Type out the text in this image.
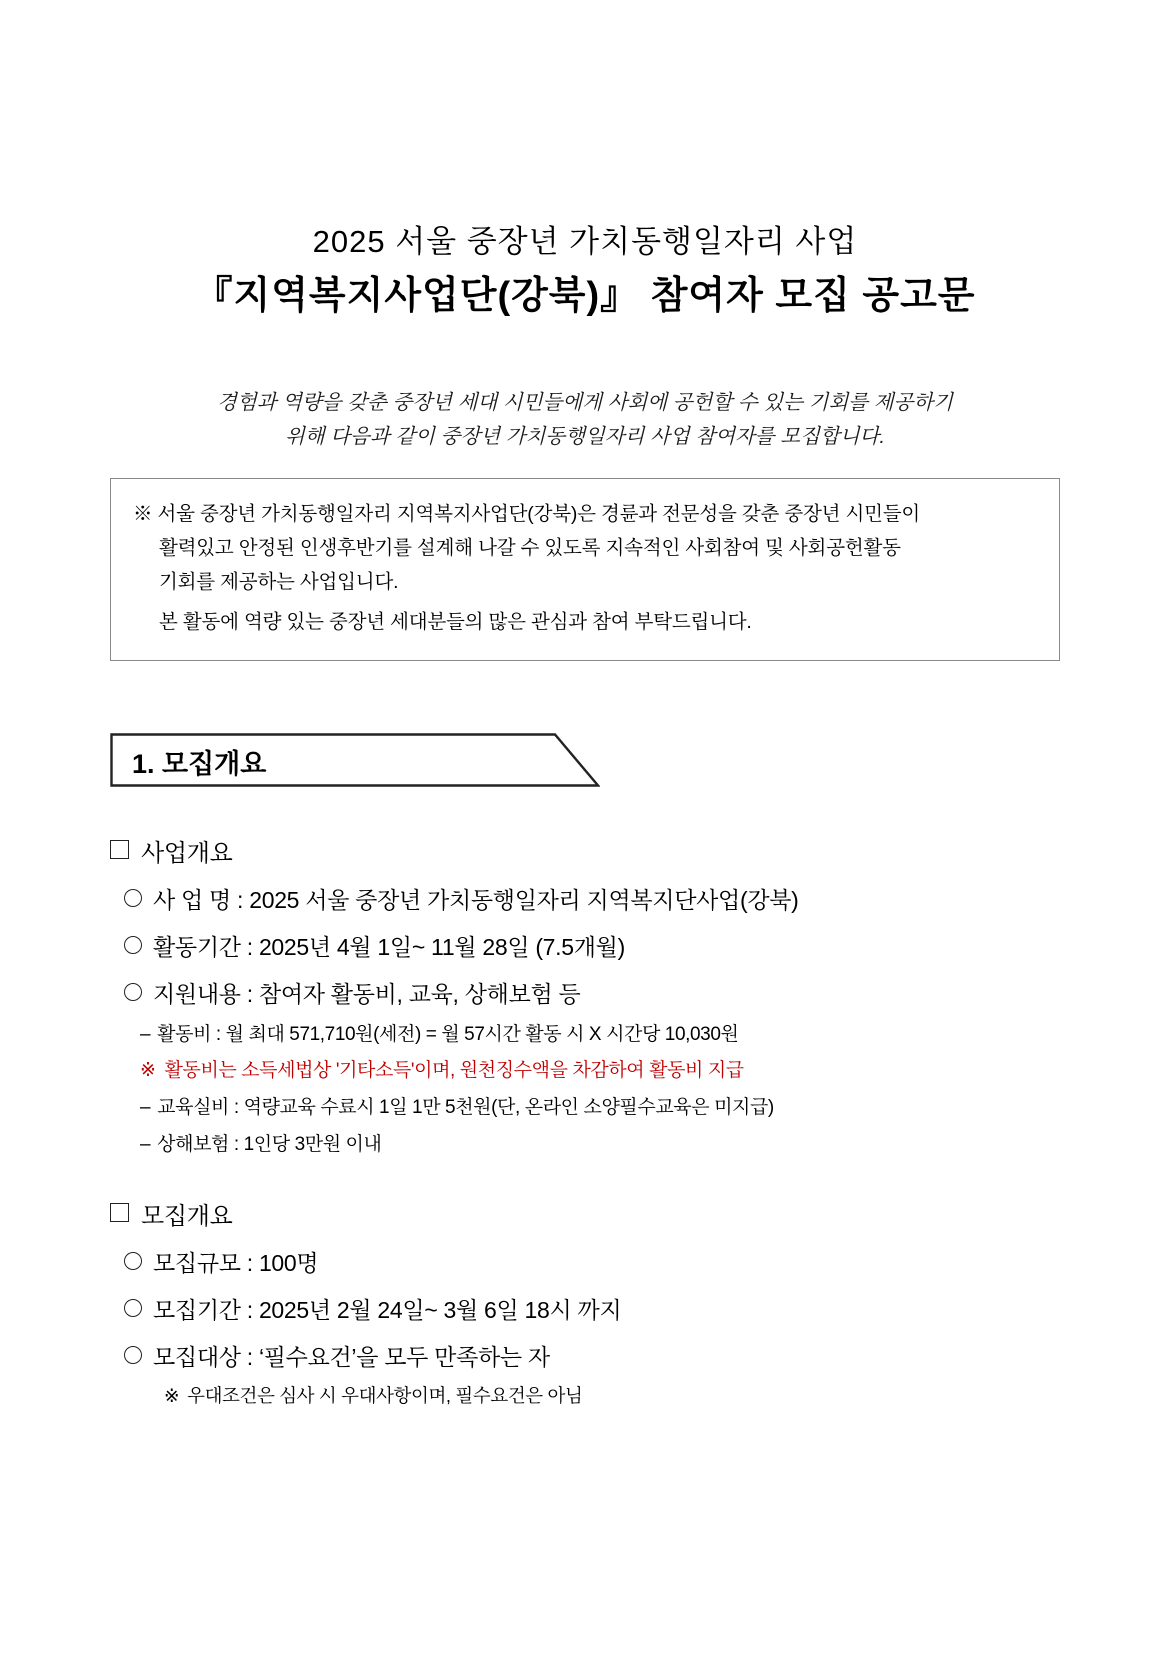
2025 서울 중장년 가치동행일자리 사업
『지역복지사업단(강북)』 참여자 모집 공고문
경험과 역량을 갖춘 중장년 세대 시민들에게 사회에 공헌할 수 있는 기회를 제공하기
위해 다음과 같이 중장년 가치동행일자리 사업 참여자를 모집합니다.

※ 서울 중장년 가치동행일자리 지역복지사업단(강북)은 경륜과 전문성을 갖춘 중장년 시민들이

활력있고 안정된 인생후반기를 설계해 나갈 수 있도록 지속적인 사회참여 및 사회공헌활동

기회를 제공하는 사업입니다.

본 활동에 역량 있는 중장년 세대분들의 많은 관심과 참여 부탁드립니다.

1. 모집개요
사업개요
사 업 명 : 2025 서울 중장년 가치동행일자리 지역복지단사업(강북)
활동기간 : 2025년 4월 1일~ 11월 28일 (7.5개월)
지원내용 : 참여자 활동비, 교육, 상해보험 등
– 활동비 : 월 최대 571,710원(세전) = 월 57시간 활동 시 X 시간당 10,030원
※ 활동비는 소득세법상 '기타소득'이며, 원천징수액을 차감하여 활동비 지급
– 교육실비 : 역량교육 수료시 1일 1만 5천원(단, 온라인 소양필수교육은 미지급)
– 상해보험 : 1인당 3만원 이내
모집개요
모집규모 : 100명
모집기간 : 2025년 2월 24일~ 3월 6일 18시 까지
모집대상 : ‘필수요건’을 모두 만족하는 자
※ 우대조건은 심사 시 우대사항이며, 필수요건은 아님
